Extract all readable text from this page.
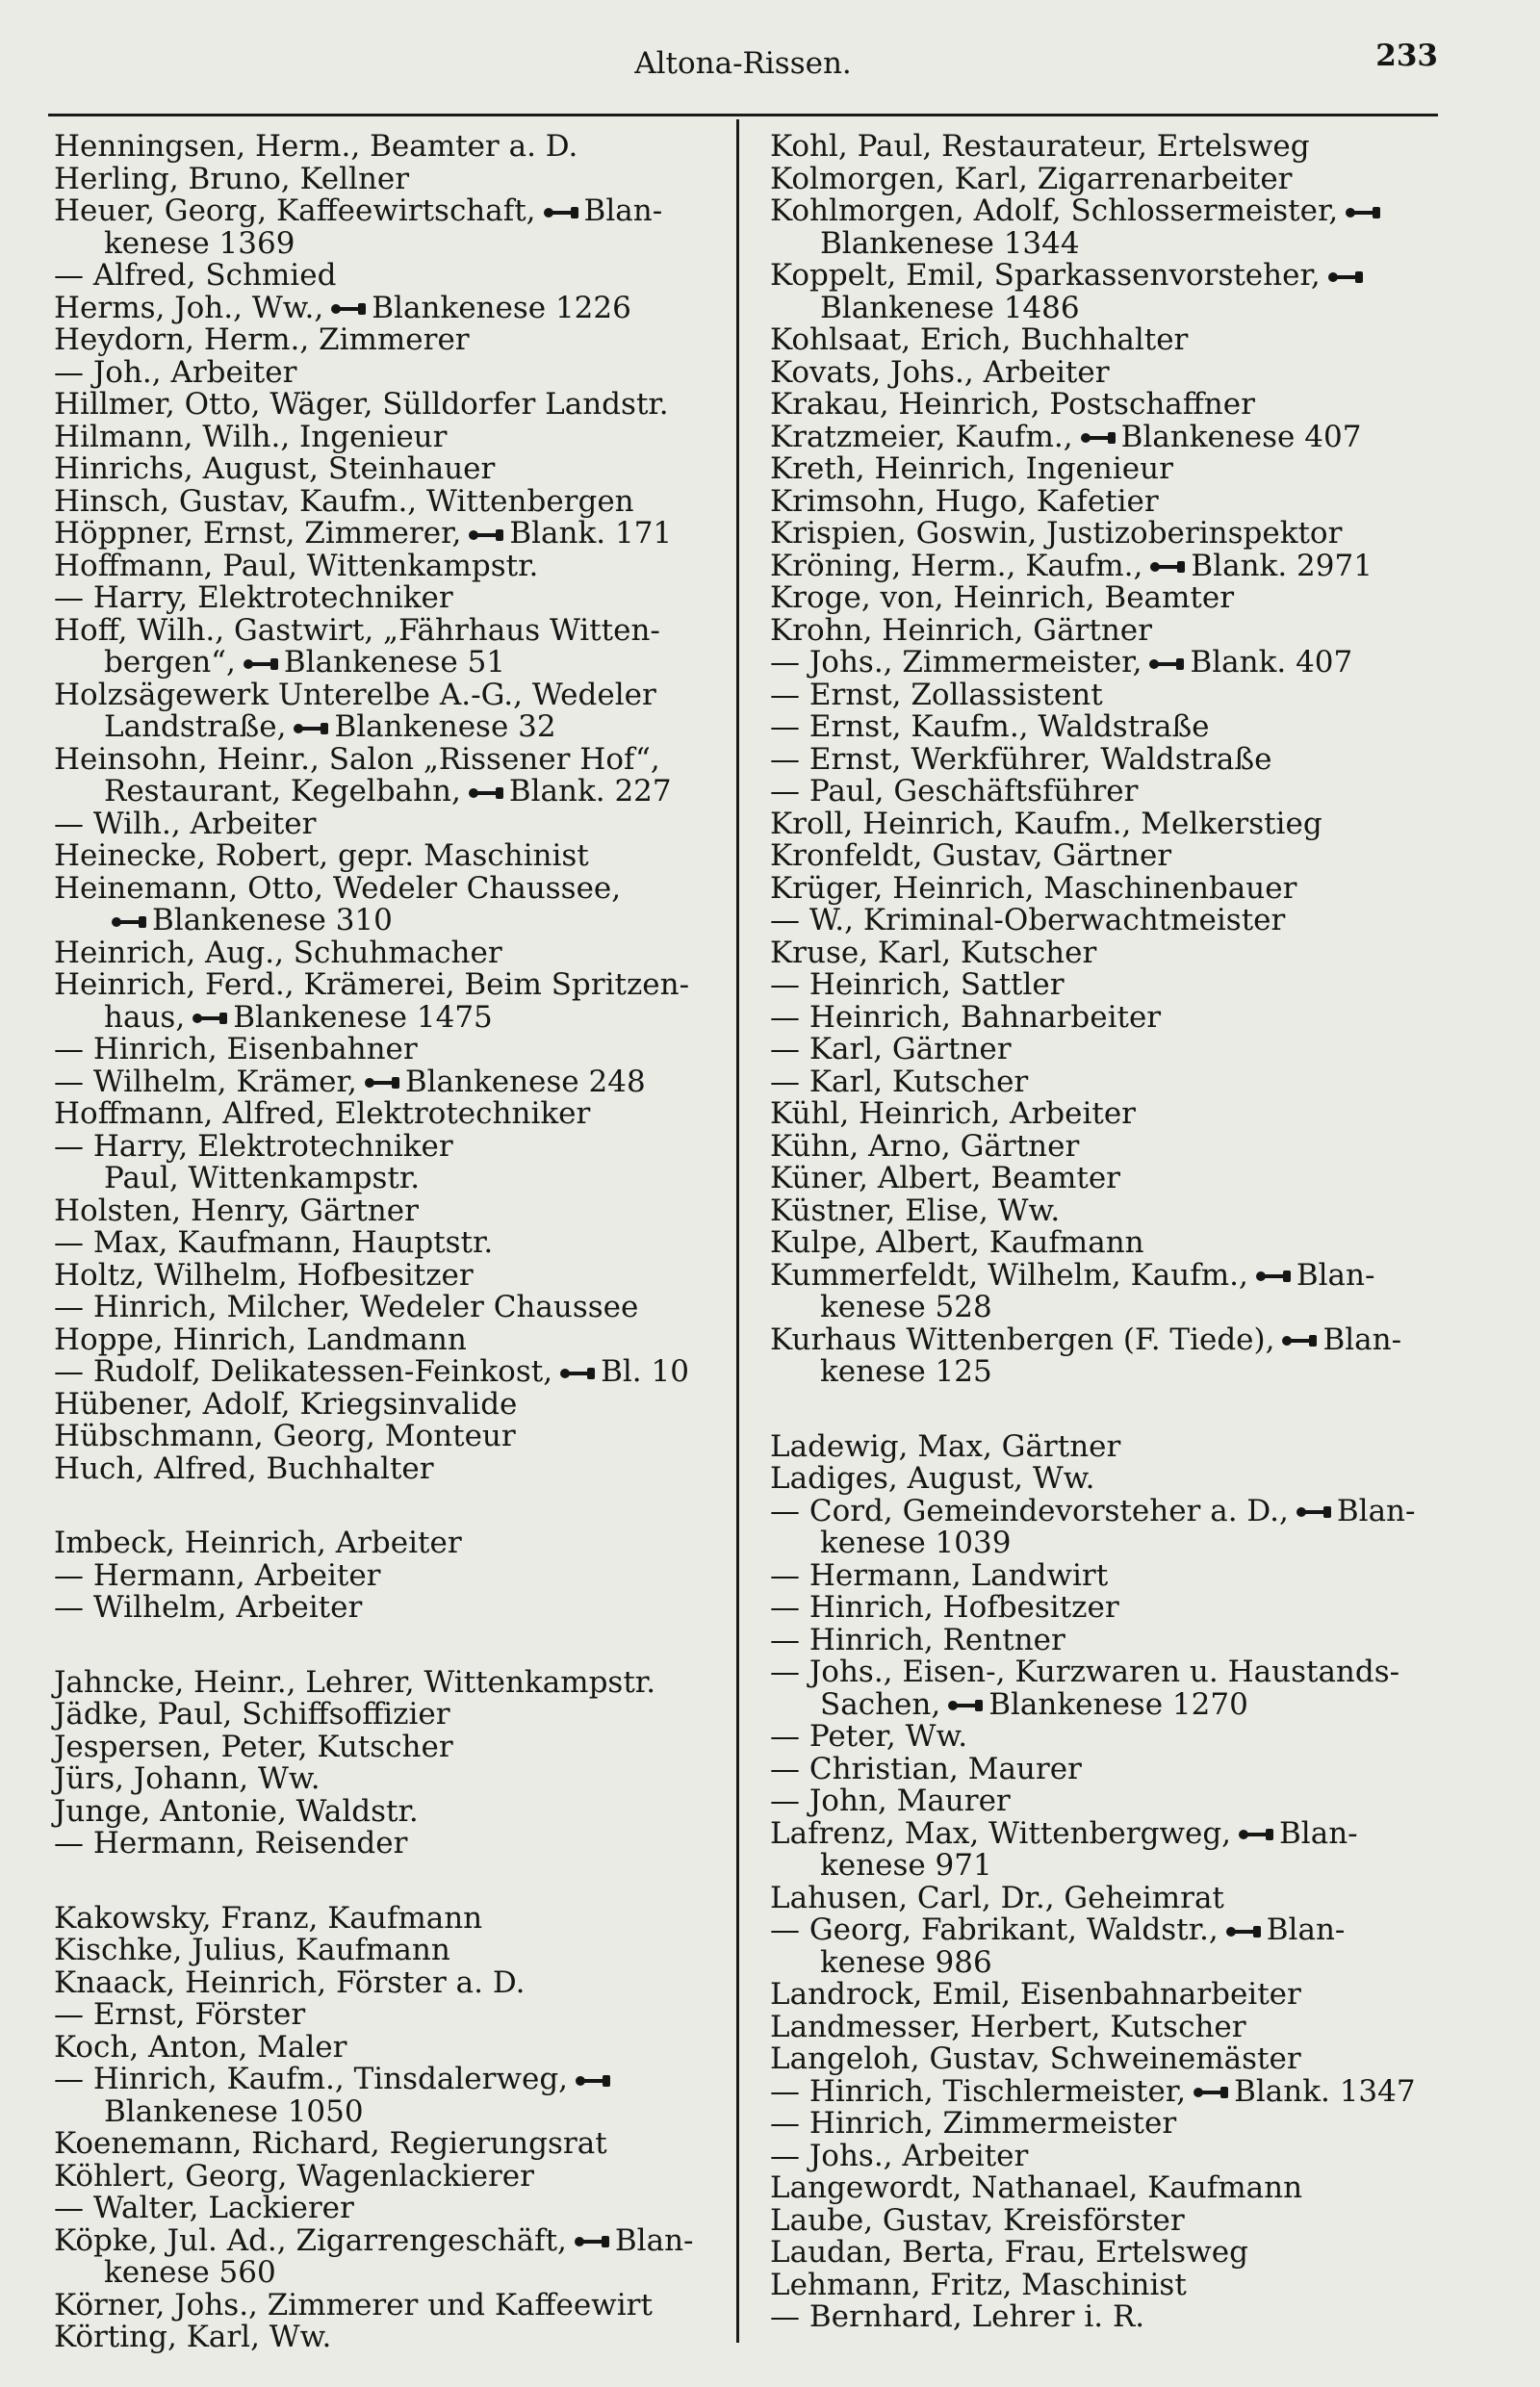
Altona-Rissen.	233
Henningsen, Herm., Beamter a. D.
Herling, Bruno, Kellner
Heuer, Georg, Kaffeewirtschaft, Blan-
kenese 1369
— Alfred, Schmied
Herms, Joh., Ww., Blankenese 1226
Heydorn, Herm., Zimmerer
— Joh., Arbeiter
Hillmer, Otto, Wäger, Sülldorfer Landstr.
Hilmann, Wilh., Ingenieur
Hinrichs, August, Steinhauer
Hinsch, Gustav, Kaufm., Wittenbergen
Höppner, Ernst, Zimmerer, Blank. 171
Hoffmann, Paul, Wittenkampstr.
— Harry, Elektrotechniker
Hoff, Wilh., Gastwirt, „Fährhaus Witten-
bergen“, Blankenese 51
Holzsägewerk Unterelbe A.-G., Wedeler
Landstraße, Blankenese 32
Heinsohn, Heinr., Salon „Rissener Hof“,
Restaurant, Kegelbahn, Blank. 227
— Wilh., Arbeiter
Heinecke, Robert, gepr. Maschinist
Heinemann, Otto, Wedeler Chaussee,
Blankenese 310
Heinrich, Aug., Schuhmacher
Heinrich, Ferd., Krämerei, Beim Spritzen-
haus, Blankenese 1475
— Hinrich, Eisenbahner
— Wilhelm, Krämer, Blankenese 248
Hoffmann, Alfred, Elektrotechniker
— Harry, Elektrotechniker
Paul, Wittenkampstr.
Holsten, Henry, Gärtner
— Max, Kaufmann, Hauptstr.
Holtz, Wilhelm, Hofbesitzer
— Hinrich, Milcher, Wedeler Chaussee
Hoppe, Hinrich, Landmann
— Rudolf, Delikatessen-Feinkost, Bl. 10
Hübener, Adolf, Kriegsinvalide
Hübschmann, Georg, Monteur
Huch, Alfred, Buchhalter
Imbeck, Heinrich, Arbeiter
— Hermann, Arbeiter
— Wilhelm, Arbeiter
Jahncke, Heinr., Lehrer, Wittenkampstr.
Jädke, Paul, Schiffsoffizier
Jespersen, Peter, Kutscher
Jürs, Johann, Ww.
Junge, Antonie, Waldstr.
— Hermann, Reisender
Kakowsky, Franz, Kaufmann
Kischke, Julius, Kaufmann
Knaack, Heinrich, Förster a. D.
— Ernst, Förster
Koch, Anton, Maler
— Hinrich, Kaufm., Tinsdalerweg,
Blankenese 1050
Koenemann, Richard, Regierungsrat
Köhlert, Georg, Wagenlackierer
— Walter, Lackierer
Köpke, Jul. Ad., Zigarrengeschäft, Blan-
kenese 560
Körner, Johs., Zimmerer und Kaffeewirt
Körting, Karl, Ww.
Kohl, Paul, Restaurateur, Ertelsweg
Kolmorgen, Karl, Zigarrenarbeiter
Kohlmorgen, Adolf, Schlossermeister,
Blankenese 1344
Koppelt, Emil, Sparkassenvorsteher,
Blankenese 1486
Kohlsaat, Erich, Buchhalter
Kovats, Johs., Arbeiter
Krakau, Heinrich, Postschaffner
Kratzmeier, Kaufm., Blankenese 407
Kreth, Heinrich, Ingenieur
Krimsohn, Hugo, Kafetier
Krispien, Goswin, Justizoberinspektor
Kröning, Herm., Kaufm., Blank. 2971
Kroge, von, Heinrich, Beamter
Krohn, Heinrich, Gärtner
— Johs., Zimmermeister, Blank. 407
— Ernst, Zollassistent
— Ernst, Kaufm., Waldstraße
— Ernst, Werkführer, Waldstraße
— Paul, Geschäftsführer
Kroll, Heinrich, Kaufm., Melkerstieg
Kronfeldt, Gustav, Gärtner
Krüger, Heinrich, Maschinenbauer
— W., Kriminal-Oberwachtmeister
Kruse, Karl, Kutscher
— Heinrich, Sattler
— Heinrich, Bahnarbeiter
— Karl, Gärtner
— Karl, Kutscher
Kühl, Heinrich, Arbeiter
Kühn, Arno, Gärtner
Küner, Albert, Beamter
Küstner, Elise, Ww.
Kulpe, Albert, Kaufmann
Kummerfeldt, Wilhelm, Kaufm., Blan-
kenese 528
Kurhaus Wittenbergen (F. Tiede), Blan-
kenese 125
Ladewig, Max, Gärtner
Ladiges, August, Ww.
— Cord, Gemeindevorsteher a. D., Blan-
kenese 1039
— Hermann, Landwirt
— Hinrich, Hofbesitzer
— Hinrich, Rentner
— Johs., Eisen-, Kurzwaren u. Haustands-
Sachen, Blankenese 1270
— Peter, Ww.
— Christian, Maurer
— John, Maurer
Lafrenz, Max, Wittenbergweg, Blan-
kenese 971
Lahusen, Carl, Dr., Geheimrat
— Georg, Fabrikant, Waldstr., Blan-
kenese 986
Landrock, Emil, Eisenbahnarbeiter
Landmesser, Herbert, Kutscher
Langeloh, Gustav, Schweinemäster
— Hinrich, Tischlermeister, Blank. 1347
— Hinrich, Zimmermeister
— Johs., Arbeiter
Langewordt, Nathanael, Kaufmann
Laube, Gustav, Kreisförster
Laudan, Berta, Frau, Ertelsweg
Lehmann, Fritz, Maschinist
— Bernhard, Lehrer i. R.
